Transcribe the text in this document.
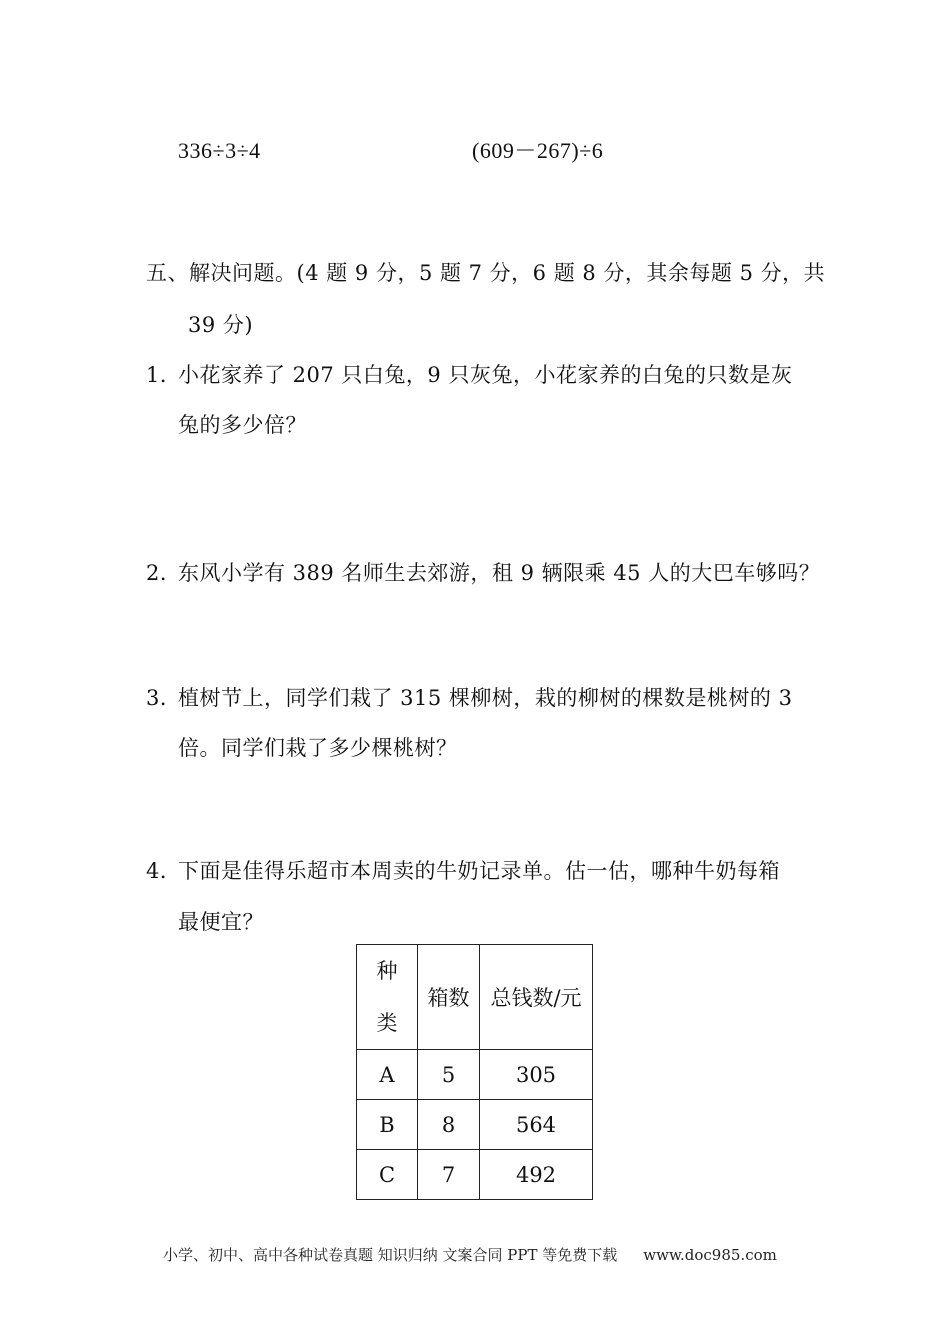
336÷3÷4	(609－267)÷6
五、解决问题。(4 题 9 分，5 题 7 分，6 题 8 分，其余每题 5 分，共
39 分)
1．
小花家养了 207 只白兔，9 只灰兔，小花家养的白兔的只数是灰
兔的多少倍？
2．
东风小学有 389 名师生去郊游，租 9 辆限乘 45 人的大巴车够吗？
3．
植树节上，同学们栽了 315 棵柳树，栽的柳树的棵数是桃树的 3
倍。同学们栽了多少棵桃树？
4．
下面是佳得乐超市本周卖的牛奶记录单。估一估，哪种牛奶每箱
最便宜？
种
类	箱数	总钱数/元
A	5	305
B	8	564
C	7	492
小学、初中、高中各种试卷真题 知识归纳 文案合同 PPT 等免费下载 www.doc985.com
